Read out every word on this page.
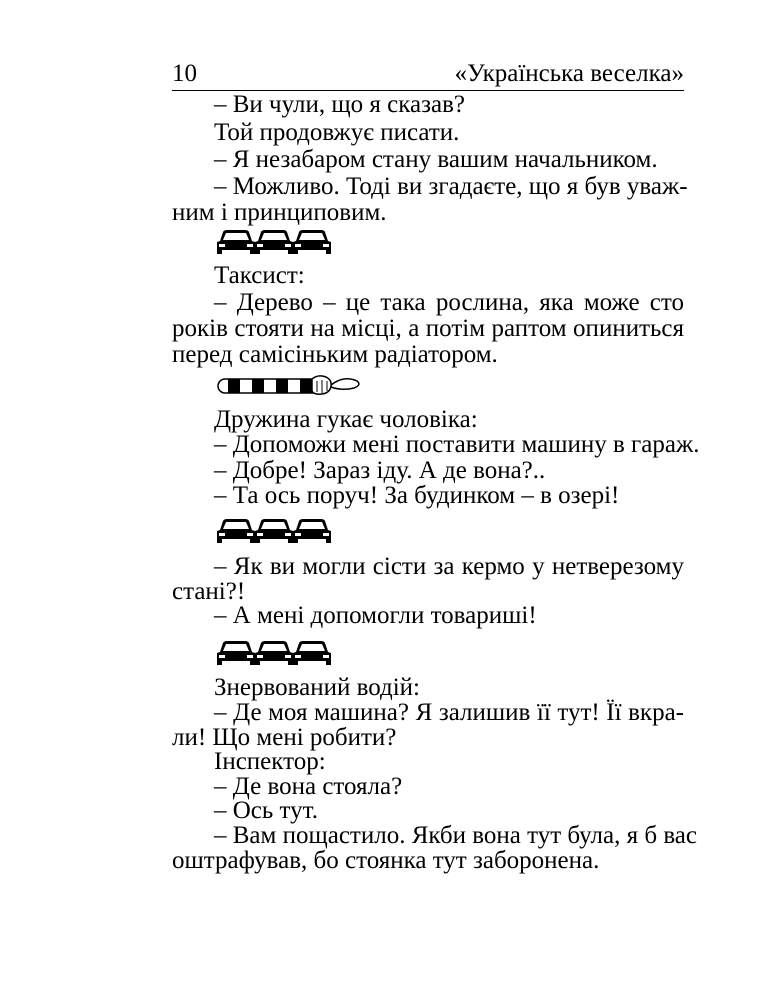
10	«Українська веселка»
– Ви чули, що я сказав?
Той продовжує писати.
– Я незабаром стану вашим начальником.
– Можливо. Тоді ви згадаєте, що я був уваж-
ним і принциповим.
Таксист:
– Дерево – це така рослина, яка може сто
років стояти на місці, а потім раптом опиниться
перед самісіньким радіатором.
Дружина гукає чоловіка:
– Допоможи мені поставити машину в гараж.
– Добре! Зараз іду. А де вона?..
– Та ось поруч! За будинком – в озері!
– Як ви могли сісти за кермо у нетверезому
стані?!
– А мені допомогли товариші!
Знервований водій:
– Де моя машина? Я залишив її тут! Її вкра-
ли! Що мені робити?
Інспектор:
– Де вона стояла?
– Ось тут.
– Вам пощастило. Якби вона тут була, я б вас
оштрафував, бо стоянка тут заборонена.
